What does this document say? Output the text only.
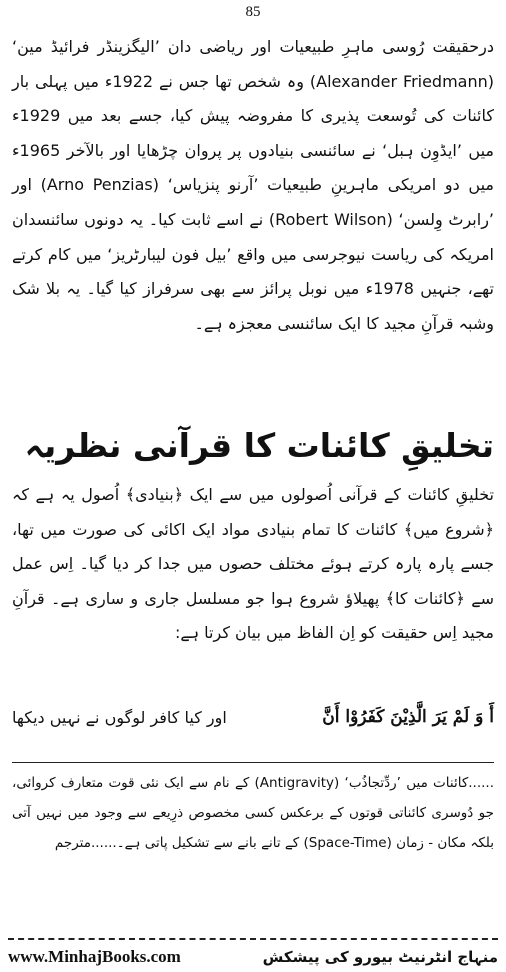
85
درحقیقت رُوسی ماہرِ طبیعیات اور ریاضی دان ’الیگزینڈر فرائیڈ مین‘ (Alexander Friedmann) وہ شخص تھا جس نے 1922ء میں پہلی بار کائنات کی تُوسعت پذیری کا مفروضہ پیش کیا، جسے بعد میں 1929ء میں ’ایڈوِن ہبل‘ نے سائنسی بنیادوں پر پروان چڑھایا اور بالآخر 1965ء میں دو امریکی ماہرینِ طبیعیات ’آرنو پنزیاس‘ (Arno Penzias) اور ’رابرٹ وِلسن‘ (Robert Wilson) نے اسے ثابت کیا۔ یہ دونوں سائنسدان امریکہ کی ریاست نیوجرسی میں واقع ’بیل فون لیبارٹریز‘ میں کام کرتے تھے، جنہیں 1978ء میں نوبل پرائز سے بھی سرفراز کیا گیا۔ یہ بلا شک وشبہ قرآنِ مجید کا ایک سائنسی معجزہ ہے۔
تخلیقِ کائنات کا قرآنی نظریہ
تخلیقِ کائنات کے قرآنی اُصولوں میں سے ایک ﴿بنیادی﴾ اُصول یہ ہے کہ ﴿شروع میں﴾ کائنات کا تمام بنیادی مواد ایک اکائی کی صورت میں تھا، جسے پارہ پارہ کرتے ہوئے مختلف حصوں میں جدا کر دیا گیا۔ اِس عمل سے ﴿کائنات کا﴾ پھیلاؤ شروع ہوا جو مسلسل جاری و ساری ہے۔ قرآنِ مجید اِس حقیقت کو اِن الفاظ میں بیان کرتا ہے:
أَ وَ لَمْ يَرَ الَّذِيْنَ كَفَرُوْا أَنَّ
اور کیا کافر لوگوں نے نہیں دیکھا
......کائنات میں ’ردِّتجاذُب‘ (Antigravity) کے نام سے ایک نئی قوت متعارف کروائی، جو دُوسری کائناتی قوتوں کے برعکس کسی مخصوص ذرِیعے سے وجود میں نہیں آتی بلکہ مکان - زمان (Space-Time) کے تانے بانے سے تشکیل پاتی ہے۔......مترجم
www.MinhajBooks.com	منہاج انٹرنیٹ بیورو کی پیشکش
